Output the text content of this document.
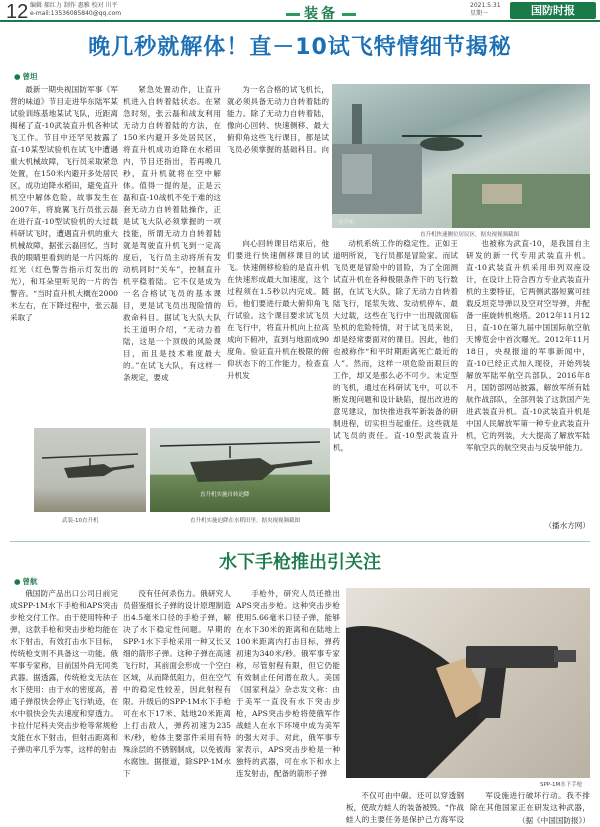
12 编辑 郝红力 制作 惠雅 校对 川平
e-mail:13536085840@qq.com	装备
2021.5.31
星期一	国防时报
晚几秒就解体！直－10试飞特情细节揭秘
● 曾坦

最新一期央视国防军事《军营的味道》节目走进华东陆军某试验训练基地某试飞队，近距离揭秘了直-10武装直升机各种试飞工作。节目中还罕见披露了直-10某型试验机在试飞中遭遇重大机械故障，飞行员采取紧急处置，在150米内避开多处居民区，成功迫降水稻田，避免直升机空中解体危险。故事发生在2007年，将旋翼飞行员张云磊在进行直-10型试验机的大过载科研试飞时，遭遇直升机的重大机械故障，据张云磊回忆，当时我的眼睛里看到的是一片闪烁的红光（红色警告指示灯发出的光），和耳朵里听见的一片的告警音。“当时直升机大概在2000米左右，在下降过程中，张云磊采取了

紧急处置动作，让直升机进入自转着陆状态。在紧急时刻，张云磊和战友利用无动力自转着陆的方法，在150米内避开多处居民区，将直升机成功迫降在水稻田内，节目还指出，若再晚几秒，直升机就将在空中解体。值得一提的是，正是云磊和直-10战机不免于难的这套无动力自转着陆操作，正是试飞大队必须掌握的一项技能，所谓无动力自转着陆就是驾驶直升机飞到一定高度后，飞行员主动将所有发动机同时“关车”，控制直升机平稳着陆。它不仅是成为一名合格试飞员的基本课目，更是试飞员出现险情的救命科目。据试飞大队大队长王道明介绍，“无动力着陆，这是一个顶级的风险课目，而且是技术难度最大的。”在试飞大队，有这样一条规定，要成

为一名合格的试飞机长，就必须具备无动力自转着陆的能力。除了无动力自转着陆，像向心回转、快速侧移、最大俯仰角这些飞行课目，都是试飞员必须掌握的基础科目。向

直升机
直升机快速侧位居民区，据央视视频截图

向心回转课目结束后，他们要进行快速侧移课目的试飞。快速侧移检验的是直升机在快速形成最大加速度，这个过程须在1.5秒以内完成。随后，他们要进行最大俯仰角飞行试验。这个课目要求试飞员在飞行中，将直升机向上拉高成向下俯冲，直到与地面成90度角。验证直升机在极限的俯仰状态下的工作能力，检查直升机发

动机系统工作的稳定性。正如王道明所说，飞行员都是冒险家。而试飞员更是冒险中的冒险，为了全面测试直升机在各种极限条件下的飞行数据，在试飞大队，除了无动力自转着陆飞行，尾浆失效、发动机停车、最大过载，这些在飞行中一出现就面临坠机的危险特情，对于试飞员来说，却是经常要面对的课目。因此，他们也被称作“和平时期距离死亡最近的人”。然而，这样一项危险而艰巨的工作，却又是那么必不可少。未定型的飞机，通过在科研试飞中，可以不断发现问题和设计缺陷，提出改进的意见建议，加快推进我军新装备的研制进程，切实担当起重任。这些就是试飞员的责任。直-10型武装直升机，

也被称为武直-10，是我国自主研发的新一代专用武装直升机。直-10武装直升机采用串列双座设计，在设计上符合西方专业武装直升机的主要特征，它两侧武器短翼可挂载反坦克导弹以及空对空导弹，并配备一座旋转机炮塔。2012年11月12日，直-10在第九届中国国际航空航天博览会中首次曝光。2012年11月18日，央视报道的军事新闻中，直-10已经正式加入现役，开始列装解放军陆军航空兵部队。2016年8月，国防部网站披露，解放军所有陆航作战部队，全部列装了这款国产先进武装直升机。直-10武装直升机是中国人民解放军第一种专业武装直升机，它的列装，大大提高了解放军陆军航空兵的航空突击与反装甲能力。

（播水方网）
武装-10直升机
直升机实施自转迫降
直升机实施迫降在水稻田里。据央视视频截图
水下手枪推出引关注
● 曾航

俄国防产品出口公司日前完成SPP-1M水下手枪和APS突击步枪交付工作。由于使用特种子弹，这款手枪和突击步枪均能在水下射击，有效打击水下目标，传统枪支则不具备这一功能。俄军事专家称，目前国外尚无同类武器。据透露，传统枪支无法在水下使用：由于水的密度高，普通子弹很快会停止飞行轨迹，在水中很快会失去速度和穿透力。卡拉什尼科夫突击步枪等常规枪支能在水下射击，但射击距离和子弹功率几乎为零，这样的射击

没有任何杀伤力。俄研究人员借鉴细长子弹的设计原理制造出4.5毫米口径的手枪子弹，解决了水下稳定性问题。早期的SPP-1水下手枪采用一种又长又细的箭形子弹。这种子弹在高速飞行时，其前面会形成一个空白区域，从而降低阻力，但在空气中的稳定性较差，因此射程有限。升级后的SPP-1M水下手枪可在水下17米、陆地20米距离上打击敌人，弹药初速为235米/秒，枪体主要部件采用有特殊涂层的不锈钢制成，以免被海水腐蚀。据报道，除SPP-1M水下

手枪外，研究人员还推出APS突击步枪。这种突击步枪使用5.66毫米口径子弹，能够在水下30米的距离和在陆地上100米距离内打击目标，弹药初速为340米/秒。俄军事专家称，尽管射程有限，但它仍能有效制止任何潜在敌人。美国《国家利益》杂志发文称：由于美军一直没有水下突击步枪，APS突击步枪将使俄军作战蛙人在水下环境中成为美军的强大对手。对此，俄军事专家表示，APS突击步枪是一种独特的武器，可在水下和水上连发射击，配备的箭形子弹

SPP-1M水下手枪

不仅可由中碳。还可以穿透钢板，使敌方蛙人的装备被毁。“作战蛙人的主要任务是保护己方海军设

军设施进行破坏行动。我不排除在其他国家正在研发这种武器，

（据《中国国防报》）
